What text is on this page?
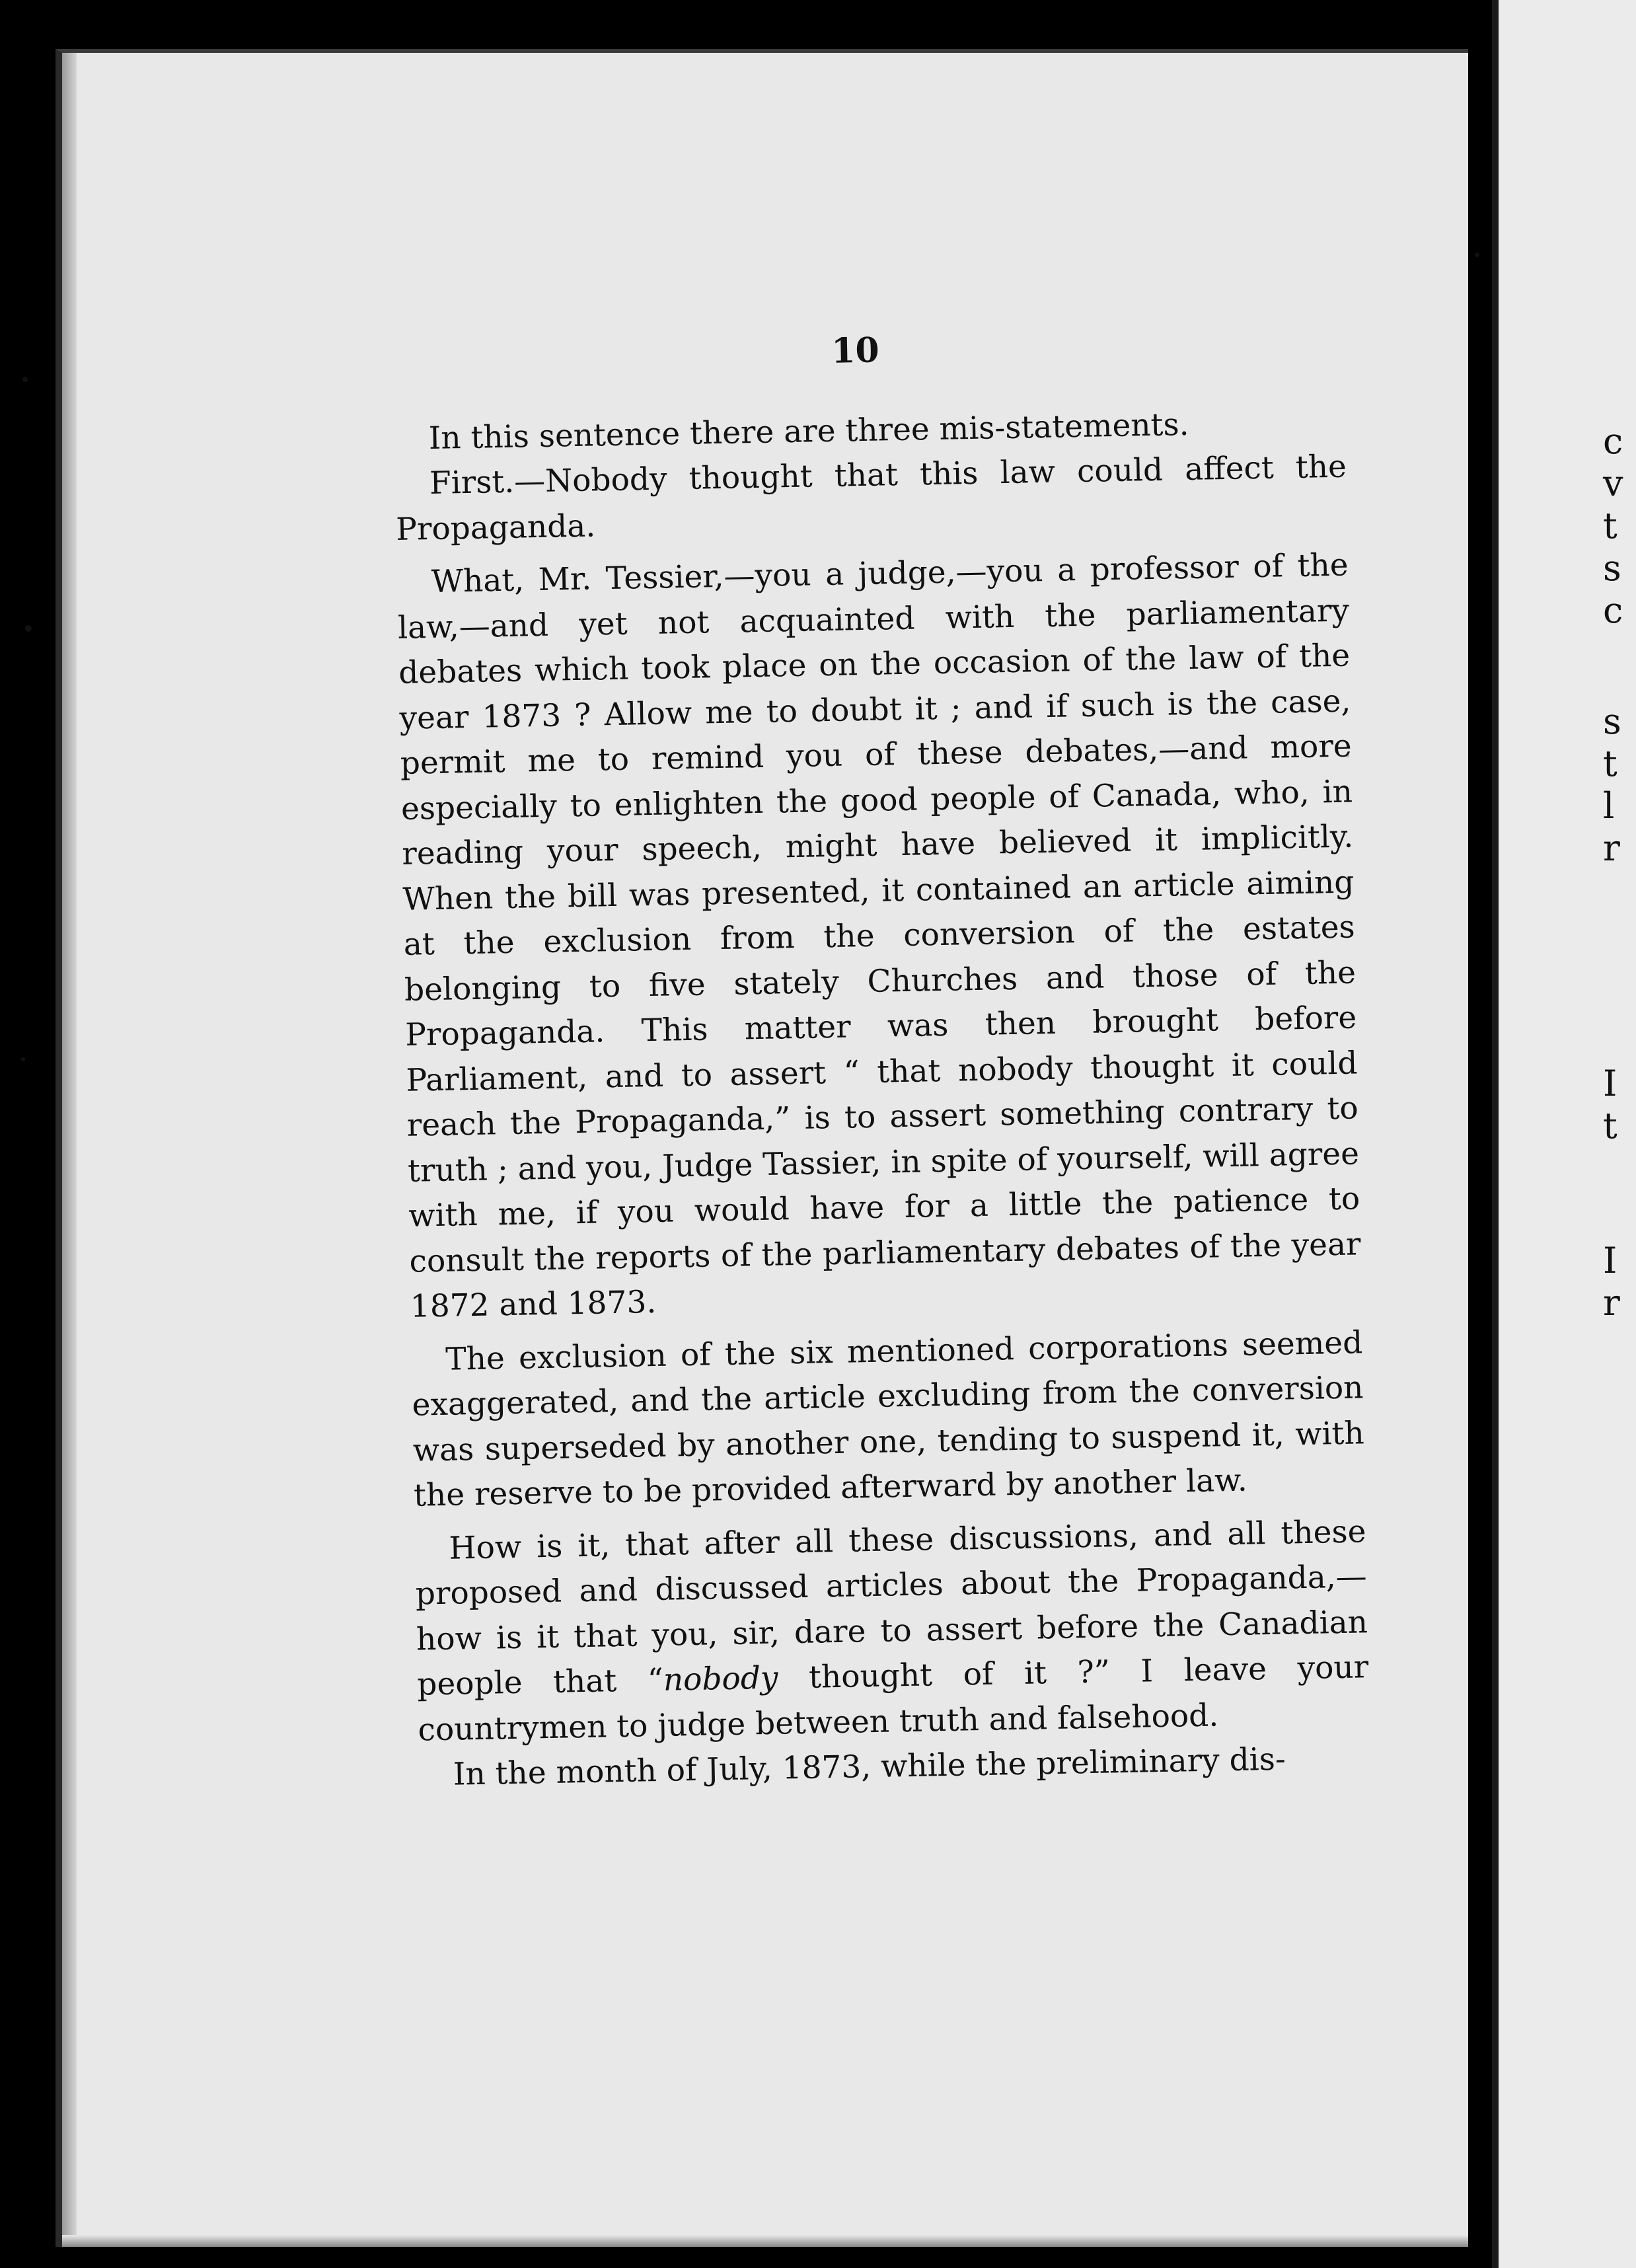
c
v
t
s
c
s
t
l
r
I
t
I
r

10

In this sentence there are three mis-statements.

First.—Nobody thought that this law could affect the Propaganda.

What, Mr. Tessier,—you a judge,—you a professor of the law,—and yet not acquainted with the parliamentary debates which took place on the occasion of the law of the year 1873 ? Allow me to doubt it ; and if such is the case, permit me to remind you of these debates,—and more especially to enlighten the good people of Canada, who, in reading your speech, might have believed it implicitly. When the bill was presented, it contained an article aiming at the exclusion from the conversion of the estates belonging to five stately Churches and those of the Propaganda. This matter was then brought before Parliament, and to assert “ that nobody thought it could reach the Propaganda,” is to assert something contrary to truth ; and you, Judge Tassier, in spite of yourself, will agree with me, if you would have for a little the patience to consult the reports of the parliamentary debates of the year 1872 and 1873.

The exclusion of the six mentioned corporations seemed exaggerated, and the article excluding from the conversion was superseded by another one, tending to suspend it, with the reserve to be provided afterward by another law.

How is it, that after all these discussions, and all these proposed and discussed articles about the Propaganda,—how is it that you, sir, dare to assert before the Canadian people that “nobody thought of it ?” I leave your countrymen to judge between truth and falsehood.

In the month of July, 1873, while the preliminary dis-
